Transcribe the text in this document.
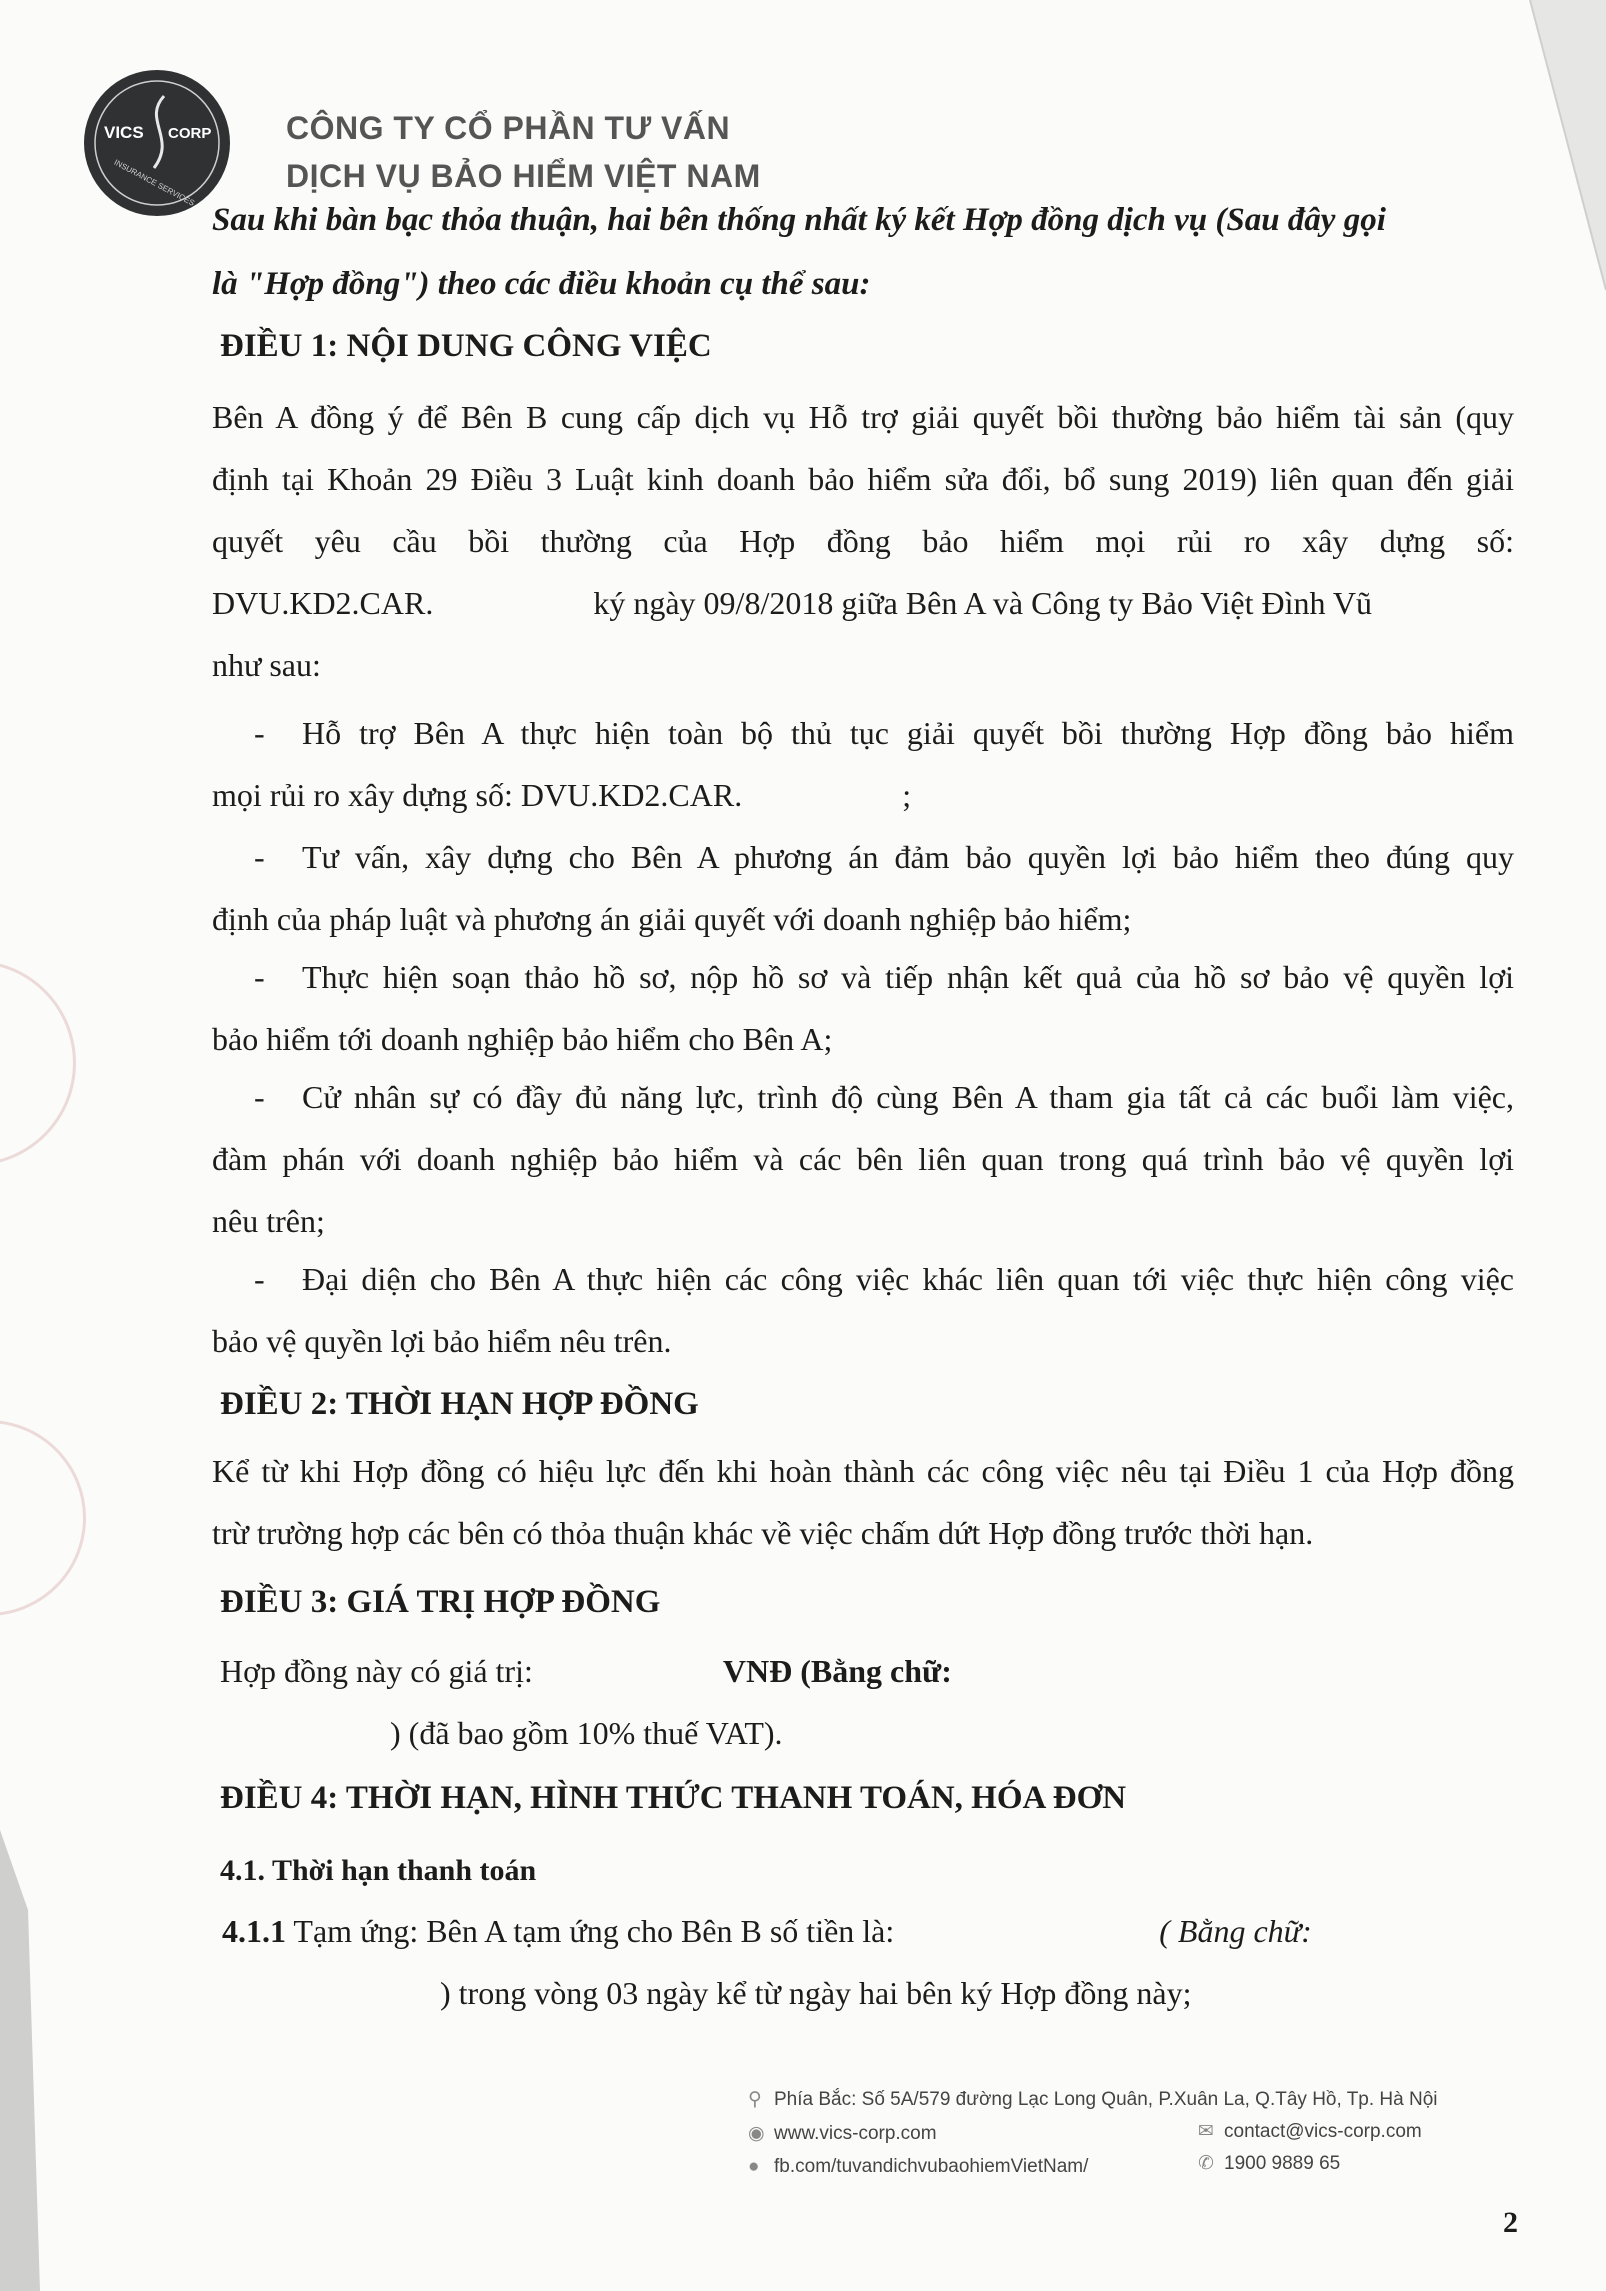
VICS CORP
INSURANCE SERVICES
CÔNG TY CỔ PHẦN TƯ VẤN
DỊCH VỤ BẢO HIỂM VIỆT NAM
Sau khi bàn bạc thỏa thuận, hai bên thống nhất ký kết Hợp đồng dịch vụ (Sau đây gọi
là "Hợp đồng") theo các điều khoản cụ thể sau:
ĐIỀU 1: NỘI DUNG CÔNG VIỆC
Bên A đồng ý để Bên B cung cấp dịch vụ Hỗ trợ giải quyết bồi thường bảo hiểm tài sản (quy
định tại Khoản 29 Điều 3 Luật kinh doanh bảo hiểm sửa đổi, bổ sung 2019) liên quan đến giải
quyết yêu cầu bồi thường của Hợp đồng bảo hiểm mọi rủi ro xây dựng số:
DVU.KD2.CAR.	ký ngày 09/8/2018 giữa Bên A và Công ty Bảo Việt Đình Vũ
như sau:
- Hỗ trợ Bên A thực hiện toàn bộ thủ tục giải quyết bồi thường Hợp đồng bảo hiểm
mọi rủi ro xây dựng số: DVU.KD2.CAR.	;
- Tư vấn, xây dựng cho Bên A phương án đảm bảo quyền lợi bảo hiểm theo đúng quy
định của pháp luật và phương án giải quyết với doanh nghiệp bảo hiểm;
- Thực hiện soạn thảo hồ sơ, nộp hồ sơ và tiếp nhận kết quả của hồ sơ bảo vệ quyền lợi
bảo hiểm tới doanh nghiệp bảo hiểm cho Bên A;
- Cử nhân sự có đầy đủ năng lực, trình độ cùng Bên A tham gia tất cả các buổi làm việc,
đàm phán với doanh nghiệp bảo hiểm và các bên liên quan trong quá trình bảo vệ quyền lợi
nêu trên;
- Đại diện cho Bên A thực hiện các công việc khác liên quan tới việc thực hiện công việc
bảo vệ quyền lợi bảo hiểm nêu trên.
ĐIỀU 2: THỜI HẠN HỢP ĐỒNG
Kể từ khi Hợp đồng có hiệu lực đến khi hoàn thành các công việc nêu tại Điều 1 của Hợp đồng
trừ trường hợp các bên có thỏa thuận khác về việc chấm dứt Hợp đồng trước thời hạn.
ĐIỀU 3: GIÁ TRỊ HỢP ĐỒNG
Hợp đồng này có giá trị:	VNĐ (Bằng chữ:
) (đã bao gồm 10% thuế VAT).
ĐIỀU 4: THỜI HẠN, HÌNH THỨC THANH TOÁN, HÓA ĐƠN
4.1. Thời hạn thanh toán
4.1.1 Tạm ứng: Bên A tạm ứng cho Bên B số tiền là:	( Bằng chữ:
) trong vòng 03 ngày kể từ ngày hai bên ký Hợp đồng này;
⚲ Phía Bắc: Số 5A/579 đường Lạc Long Quân, P.Xuân La, Q.Tây Hồ, Tp. Hà Nội
◉ www.vics-corp.com	✉ contact@vics-corp.com
● fb.com/tuvandichvubaohiemVietNam/	✆ 1900 9889 65
2
